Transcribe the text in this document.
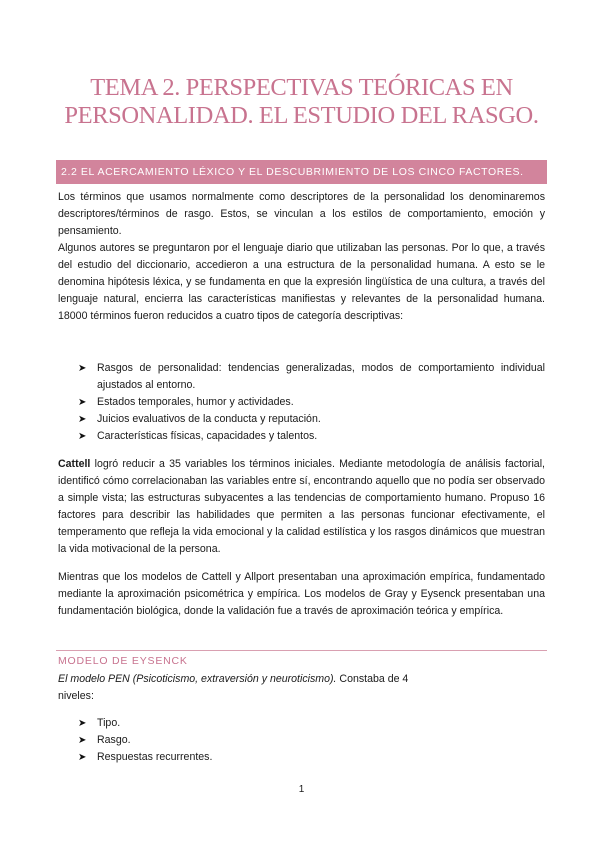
TEMA 2. PERSPECTIVAS TEÓRICAS EN
PERSONALIDAD. EL ESTUDIO DEL RASGO.
2.2 EL ACERCAMIENTO LÉXICO Y EL DESCUBRIMIENTO DE LOS CINCO FACTORES.

Los términos que usamos normalmente como descriptores de la personalidad los denominaremos descriptores/términos de rasgo. Estos, se vinculan a los estilos de comportamiento, emoción y pensamiento.

Algunos autores se preguntaron por el lenguaje diario que utilizaban las personas. Por lo que, a través del estudio del diccionario, accedieron a una estructura de la personalidad humana. A esto se le denomina hipótesis léxica, y se fundamenta en que la expresión lingüística de una cultura, a través del lenguaje natural, encierra las características manifiestas y relevantes de la personalidad humana. 18000 términos fueron reducidos a cuatro tipos de categoría descriptivas:

➤ Rasgos de personalidad: tendencias generalizadas, modos de comportamiento individual ajustados al entorno.
➤ Estados temporales, humor y actividades.
➤ Juicios evaluativos de la conducta y reputación.
➤ Características físicas, capacidades y talentos.

Cattell logró reducir a 35 variables los términos iniciales. Mediante metodología de análisis factorial, identificó cómo correlacionaban las variables entre sí, encontrando aquello que no podía ser observado a simple vista; las estructuras subyacentes a las tendencias de comportamiento humano. Propuso 16 factores para describir las habilidades que permiten a las personas funcionar efectivamente, el temperamento que refleja la vida emocional y la calidad estilística y los rasgos dinámicos que muestran la vida motivacional de la persona.

Mientras que los modelos de Cattell y Allport presentaban una aproximación empírica, fundamentado mediante la aproximación psicométrica y empírica. Los modelos de Gray y Eysenck presentaban una fundamentación biológica, donde la validación fue a través de aproximación teórica y empírica.

MODELO DE EYSENCK

El modelo PEN (Psicoticismo, extraversión y neuroticismo). Constaba de 4
niveles:

➤ Tipo.
➤ Rasgo.
➤ Respuestas recurrentes.
1
